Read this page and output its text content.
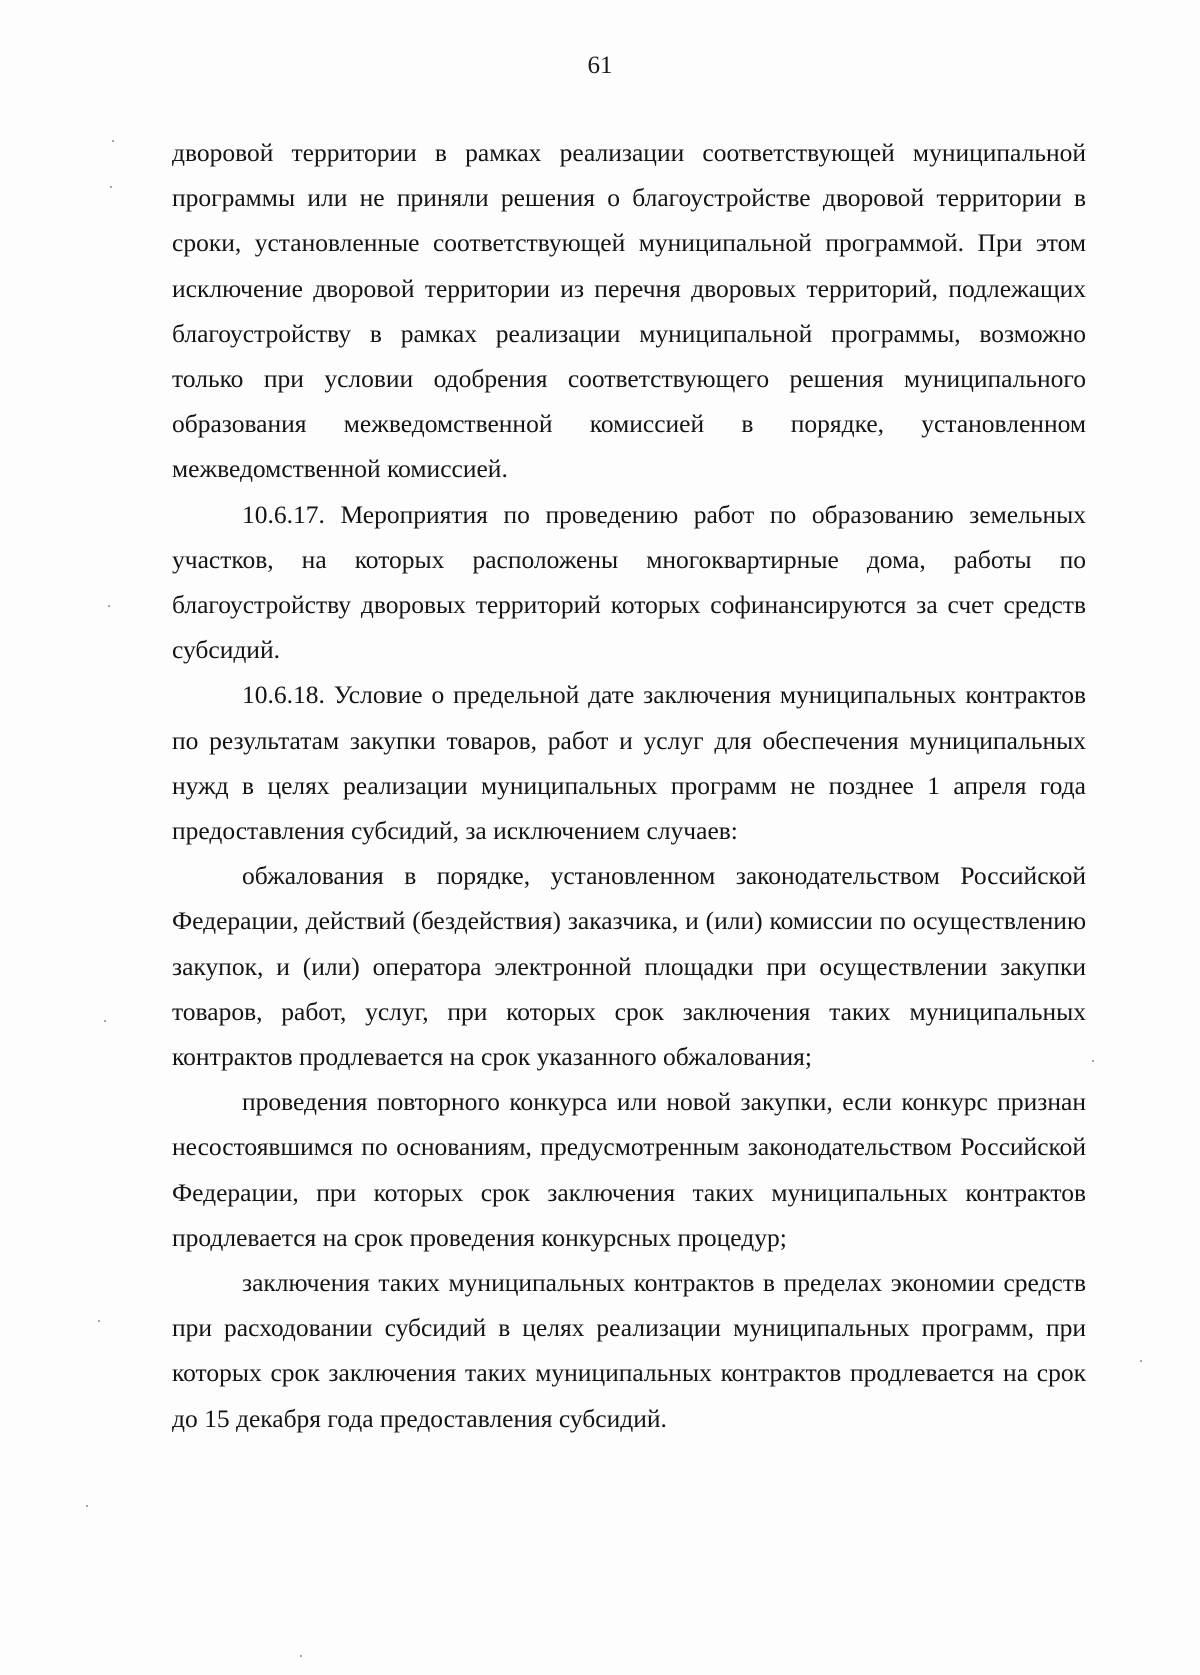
61

дворовой территории в рамках реализации соответствующей муниципальной программы или не приняли решения о благоустройстве дворовой территории в сроки, установленные соответствующей муниципальной программой. При этом исключение дворовой территории из перечня дворовых территорий, подлежащих благоустройству в рамках реализации муниципальной программы, возможно только при условии одобрения соответствующего решения муниципального образования межведомственной комиссией в порядке, установленном межведомственной комиссией.

10.6.17. Мероприятия по проведению работ по образованию земельных участков, на которых расположены многоквартирные дома, работы по благоустройству дворовых территорий которых софинансируются за счет средств субсидий.

10.6.18. Условие о предельной дате заключения муниципальных контрактов по результатам закупки товаров, работ и услуг для обеспечения муниципальных нужд в целях реализации муниципальных программ не позднее 1 апреля года предоставления субсидий, за исключением случаев:

обжалования в порядке, установленном законодательством Российской Федерации, действий (бездействия) заказчика, и (или) комиссии по осуществлению закупок, и (или) оператора электронной площадки при осуществлении закупки товаров, работ, услуг, при которых срок заключения таких муниципальных контрактов продлевается на срок указанного обжалования;

проведения повторного конкурса или новой закупки, если конкурс признан несостоявшимся по основаниям, предусмотренным законодательством Российской Федерации, при которых срок заключения таких муниципальных контрактов продлевается на срок проведения конкурсных процедур;

заключения таких муниципальных контрактов в пределах экономии средств при расходовании субсидий в целях реализации муниципальных программ, при которых срок заключения таких муниципальных контрактов продлевается на срок до 15 декабря года предоставления субсидий.
